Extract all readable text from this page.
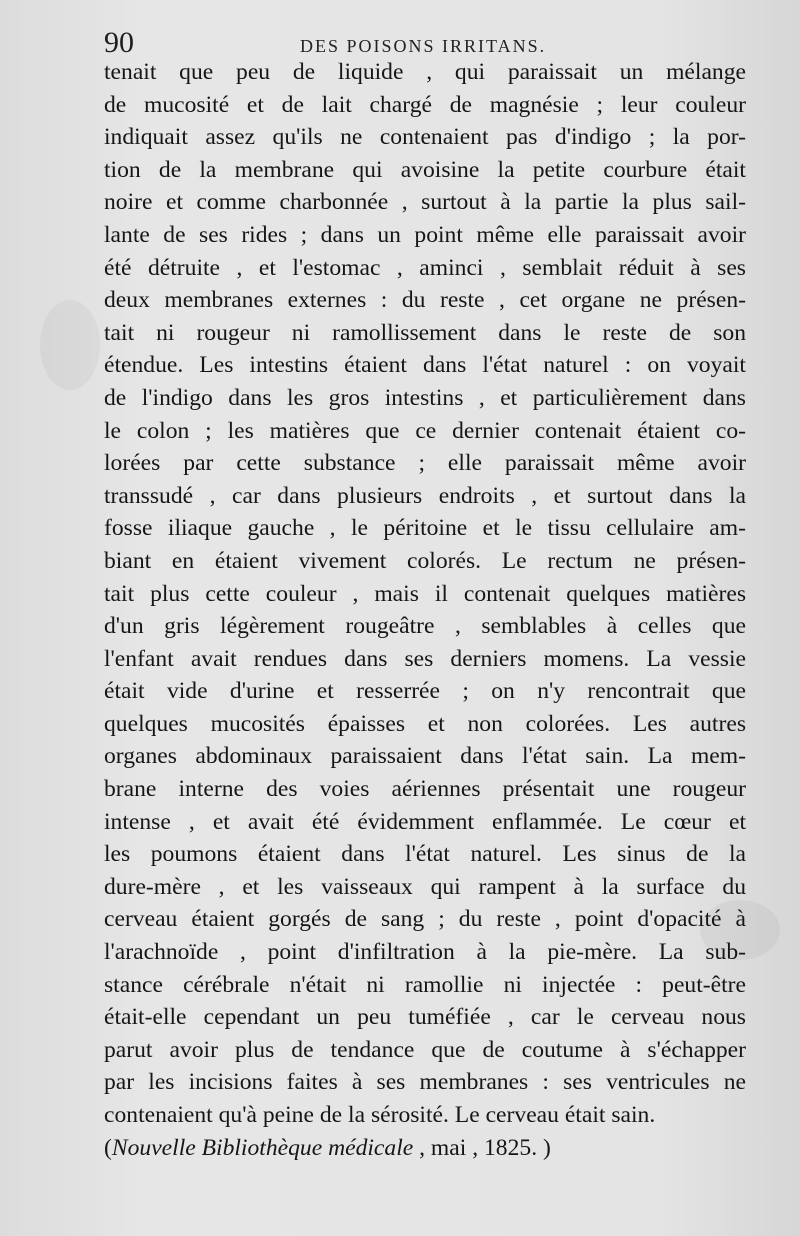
90	DES POISONS IRRITANS.
tenait que peu de liquide , qui paraissait un mélange
de mucosité et de lait chargé de magnésie ; leur couleur
indiquait assez qu'ils ne contenaient pas d'indigo ; la por-
tion de la membrane qui avoisine la petite courbure était
noire et comme charbonnée , surtout à la partie la plus sail-
lante de ses rides ; dans un point même elle paraissait avoir
été détruite , et l'estomac , aminci , semblait réduit à ses
deux membranes externes : du reste , cet organe ne présen-
tait ni rougeur ni ramollissement dans le reste de son
étendue. Les intestins étaient dans l'état naturel : on voyait
de l'indigo dans les gros intestins , et particulièrement dans
le colon ; les matières que ce dernier contenait étaient co-
lorées par cette substance ; elle paraissait même avoir
transsudé , car dans plusieurs endroits , et surtout dans la
fosse iliaque gauche , le péritoine et le tissu cellulaire am-
biant en étaient vivement colorés. Le rectum ne présen-
tait plus cette couleur , mais il contenait quelques matières
d'un gris légèrement rougeâtre , semblables à celles que
l'enfant avait rendues dans ses derniers momens. La vessie
était vide d'urine et resserrée ; on n'y rencontrait que
quelques mucosités épaisses et non colorées. Les autres
organes abdominaux paraissaient dans l'état sain. La mem-
brane interne des voies aériennes présentait une rougeur
intense , et avait été évidemment enflammée. Le cœur et
les poumons étaient dans l'état naturel. Les sinus de la
dure-mère , et les vaisseaux qui rampent à la surface du
cerveau étaient gorgés de sang ; du reste , point d'opacité à
l'arachnoïde , point d'infiltration à la pie-mère. La sub-
stance cérébrale n'était ni ramollie ni injectée : peut-être
était-elle cependant un peu tuméfiée , car le cerveau nous
parut avoir plus de tendance que de coutume à s'échapper
par les incisions faites à ses membranes : ses ventricules ne
contenaient qu'à peine de la sérosité. Le cerveau était sain.
(Nouvelle Bibliothèque médicale , mai , 1825. )
